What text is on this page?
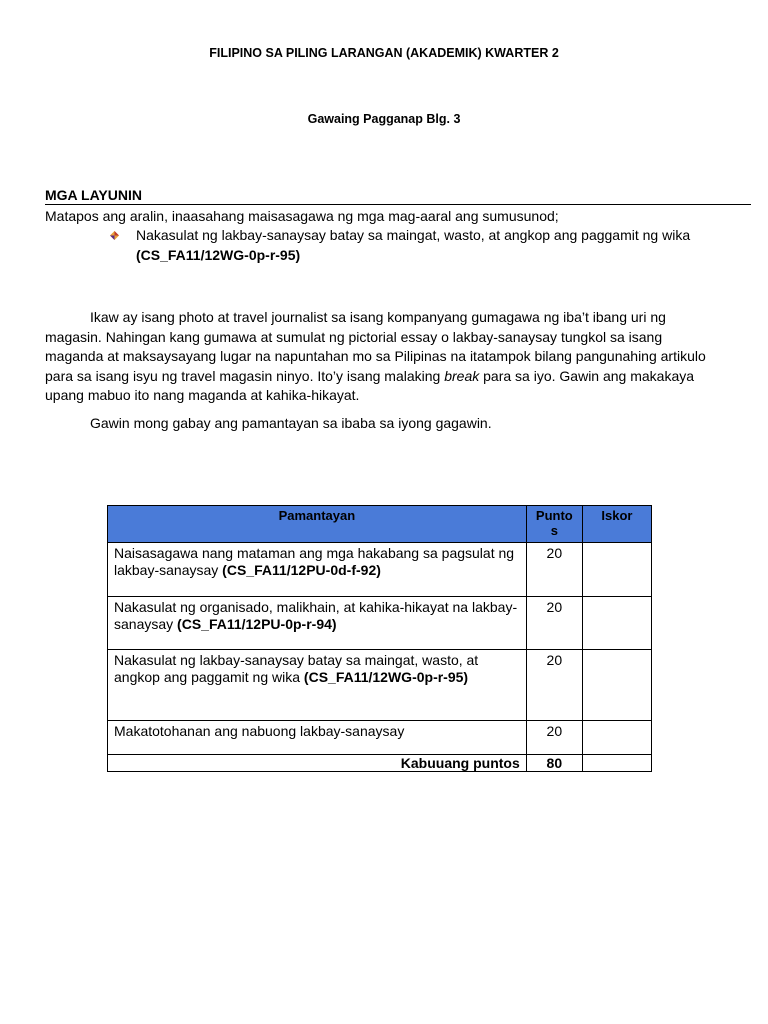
FILIPINO SA PILING LARANGAN (AKADEMIK) KWARTER 2
Gawaing Pagganap Blg. 3
MGA LAYUNIN
Matapos ang aralin, inaasahang maisasagawa ng mga mag-aaral ang sumusunod;
Nakasulat ng lakbay-sanaysay batay sa maingat, wasto, at angkop ang paggamit ng wika (CS_FA11/12WG-0p-r-95)
Ikaw ay isang photo at travel journalist sa isang kompanyang gumagawa ng iba’t ibang uri ng magasin. Nahingan kang gumawa at sumulat ng pictorial essay o lakbay-sanaysay tungkol sa isang maganda at maksaysayang lugar na napuntahan mo sa Pilipinas na itatampok bilang pangunahing artikulo para sa isang isyu ng travel magasin ninyo. Ito’y isang malaking break para sa iyo. Gawin ang makakaya upang mabuo ito nang maganda at kahika-hikayat.
Gawin mong gabay ang pamantayan sa ibaba sa iyong gagawin.
Pamantayan	Punto s	Iskor
Naisasagawa nang mataman ang mga hakabang sa pagsulat ng lakbay-sanaysay (CS_FA11/12PU-0d-f-92)	20	
Nakasulat ng organisado, malikhain, at kahika-hikayat na lakbay-sanaysay (CS_FA11/12PU-0p-r-94)	20	
Nakasulat ng lakbay-sanaysay batay sa maingat, wasto, at angkop ang paggamit ng wika (CS_FA11/12WG-0p-r-95)	20	
Makatotohanan ang nabuong lakbay-sanaysay	20	
Kabuuang puntos	80	
